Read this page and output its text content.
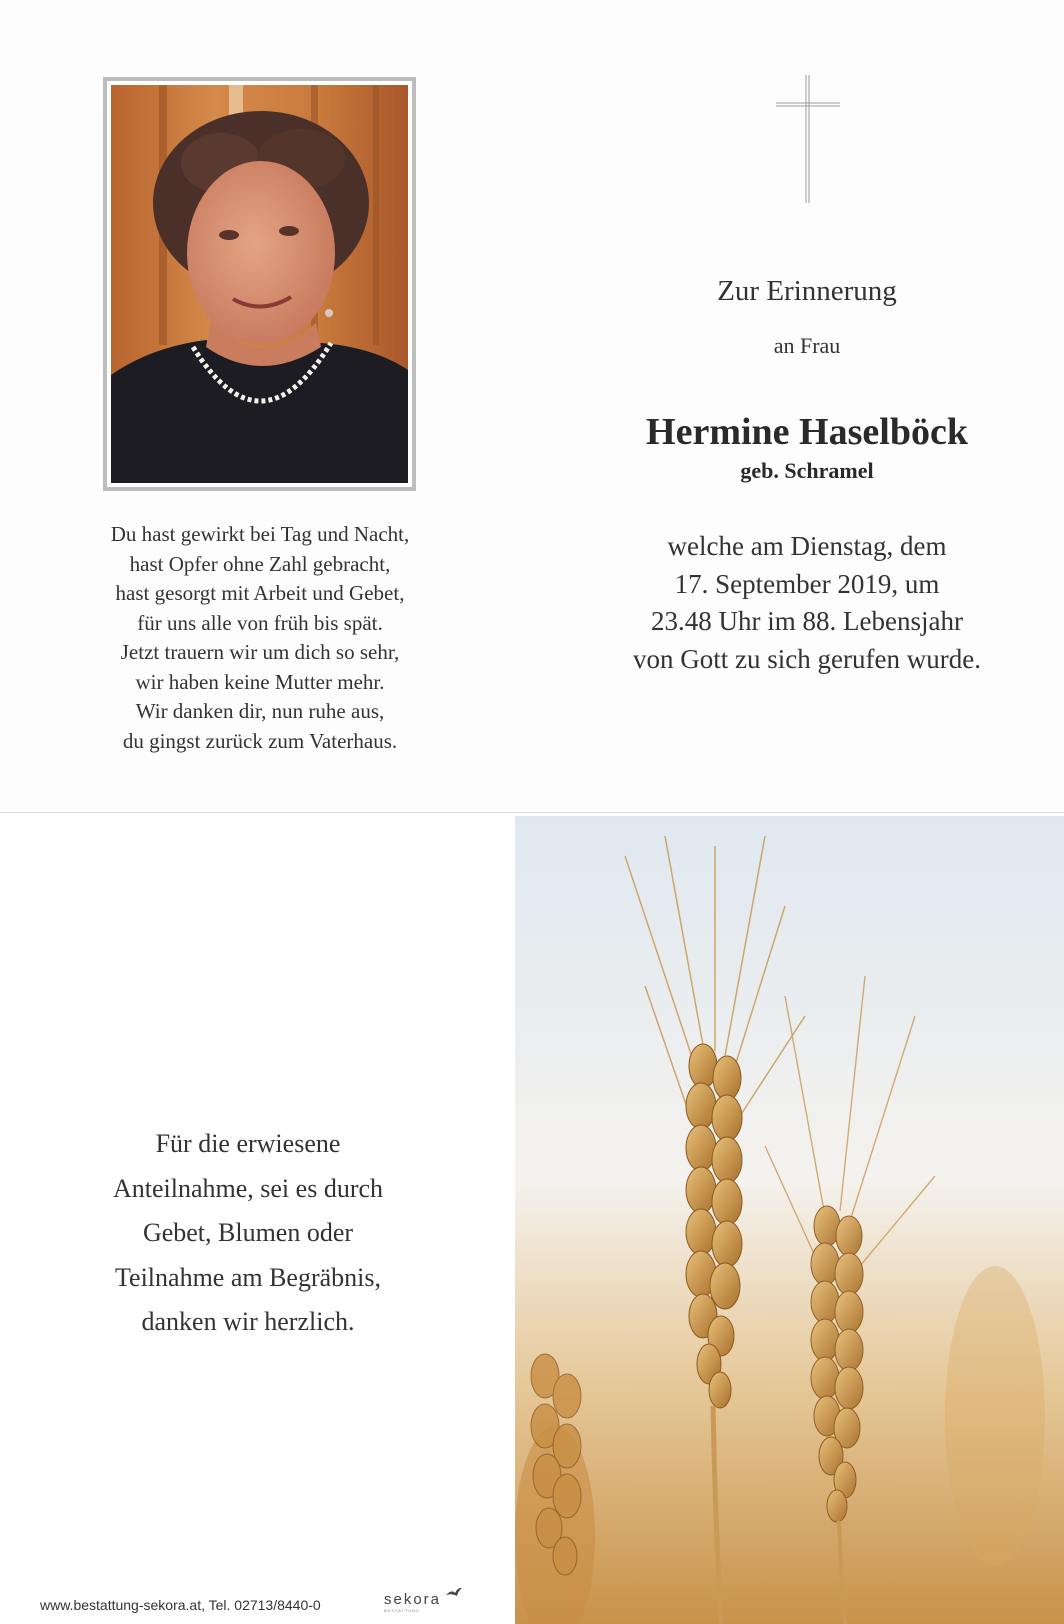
Du hast gewirkt bei Tag und Nacht,
hast Opfer ohne Zahl gebracht,
hast gesorgt mit Arbeit und Gebet,
für uns alle von früh bis spät.
Jetzt trauern wir um dich so sehr,
wir haben keine Mutter mehr.
Wir danken dir, nun ruhe aus,
du gingst zurück zum Vaterhaus.
Zur Erinnerung
an Frau
Hermine Haselböck
geb. Schramel
welche am Dienstag, dem
17. September 2019, um
23.48 Uhr im 88. Lebensjahr
von Gott zu sich gerufen wurde.
Für die erwiesene
Anteilnahme, sei es durch
Gebet, Blumen oder
Teilnahme am Begräbnis,
danken wir herzlich.
www.bestattung-sekora.at, Tel. 02713/8440-0	sekora
BESTATTUNG
